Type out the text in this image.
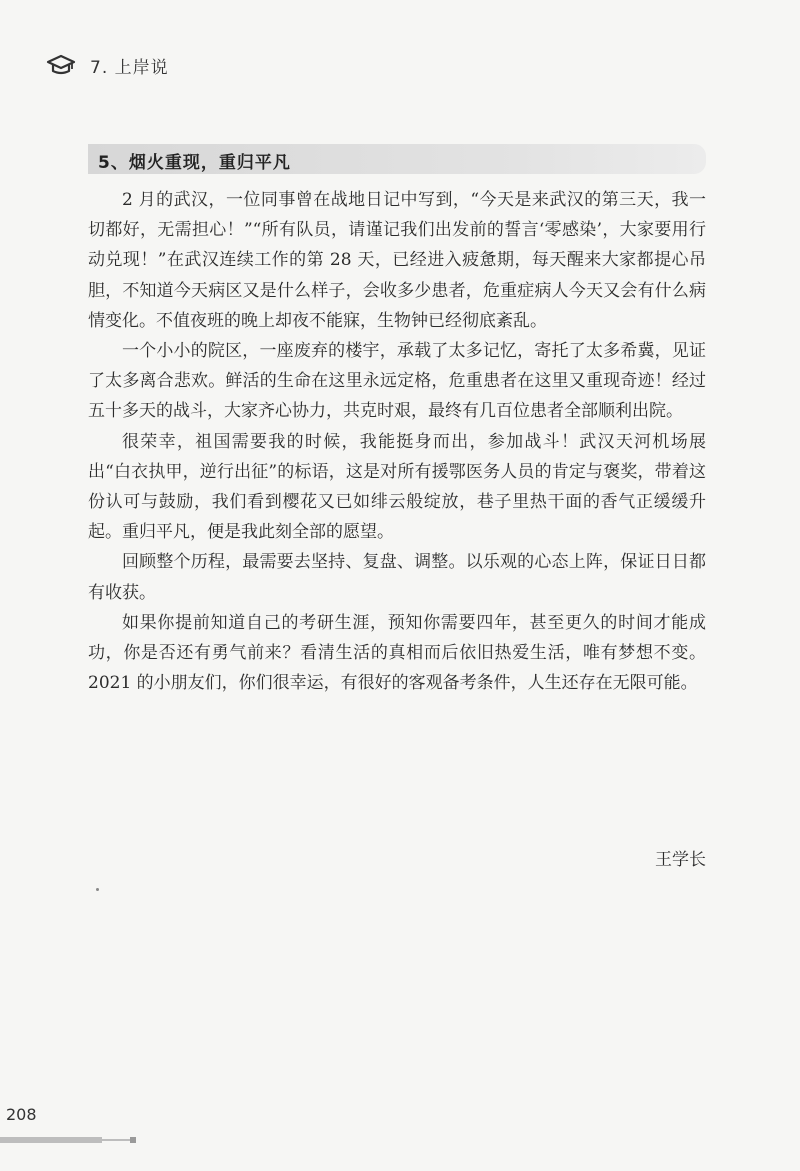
7. 上岸说
5、烟火重现，重归平凡

2 月的武汉，一位同事曾在战地日记中写到，“今天是来武汉的第三天，我一切都好，无需担心！”“所有队员，请谨记我们出发前的誓言‘零感染’，大家要用行动兑现！”在武汉连续工作的第 28 天，已经进入疲惫期，每天醒来大家都提心吊胆，不知道今天病区又是什么样子，会收多少患者，危重症病人今天又会有什么病情变化。不值夜班的晚上却夜不能寐，生物钟已经彻底紊乱。

一个小小的院区，一座废弃的楼宇，承载了太多记忆，寄托了太多希冀，见证了太多离合悲欢。鲜活的生命在这里永远定格，危重患者在这里又重现奇迹！经过五十多天的战斗，大家齐心协力，共克时艰，最终有几百位患者全部顺利出院。

很荣幸，祖国需要我的时候，我能挺身而出，参加战斗！武汉天河机场展出“白衣执甲，逆行出征”的标语，这是对所有援鄂医务人员的肯定与褒奖，带着这份认可与鼓励，我们看到樱花又已如绯云般绽放，巷子里热干面的香气正缓缓升起。重归平凡，便是我此刻全部的愿望。

回顾整个历程，最需要去坚持、复盘、调整。以乐观的心态上阵，保证日日都有收获。

如果你提前知道自己的考研生涯，预知你需要四年，甚至更久的时间才能成功，你是否还有勇气前来？看清生活的真相而后依旧热爱生活，唯有梦想不变。2021 的小朋友们，你们很幸运，有很好的客观备考条件，人生还存在无限可能。

王学长
208
